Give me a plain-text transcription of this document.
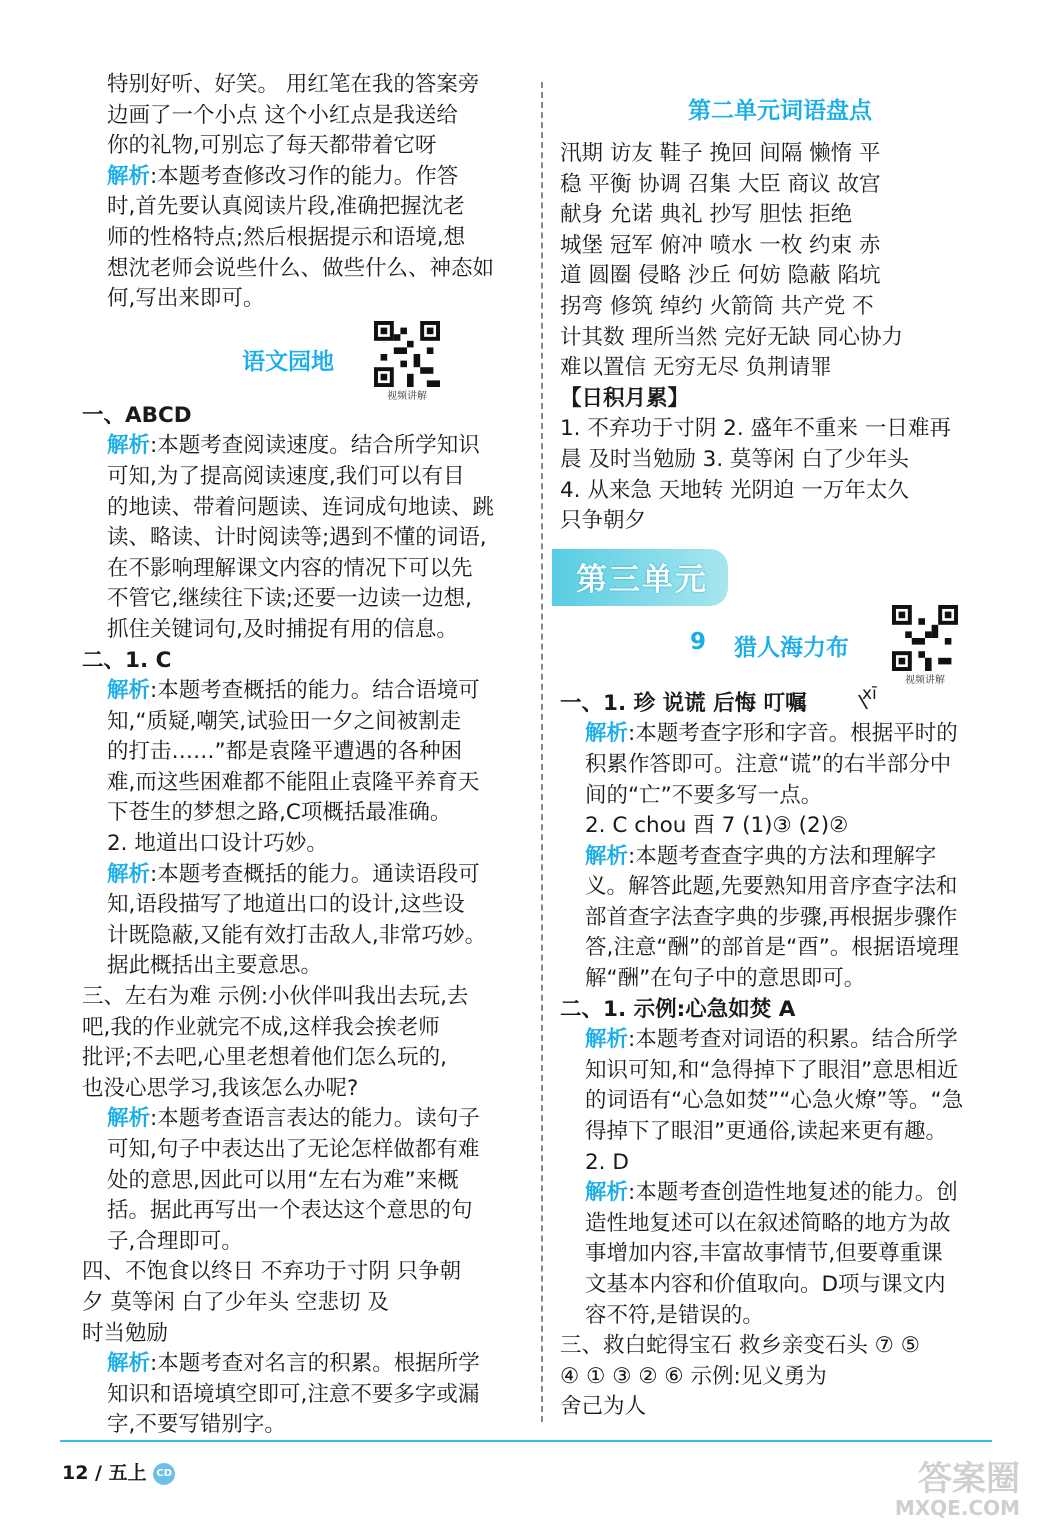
特别好听、好笑。 用红笔在我的答案旁
边画了一个小点 这个小红点是我送给
你的礼物,可别忘了每天都带着它呀
解析:本题考查修改习作的能力。作答
时,首先要认真阅读片段,准确把握沈老
师的性格特点;然后根据提示和语境,想
想沈老师会说些什么、做些什么、神态如
何,写出来即可。
语文园地
视频讲解
一、ABCD
解析:本题考查阅读速度。结合所学知识
可知,为了提高阅读速度,我们可以有目
的地读、带着问题读、连词成句地读、跳
读、略读、计时阅读等;遇到不懂的词语,
在不影响理解课文内容的情况下可以先
不管它,继续往下读;还要一边读一边想,
抓住关键词句,及时捕捉有用的信息。
二、1. C
解析:本题考查概括的能力。结合语境可
知,“质疑,嘲笑,试验田一夕之间被割走
的打击……”都是袁隆平遭遇的各种困
难,而这些困难都不能阻止袁隆平养育天
下苍生的梦想之路,C项概括最准确。
2. 地道出口设计巧妙。
解析:本题考查概括的能力。通读语段可
知,语段描写了地道出口的设计,这些设
计既隐蔽,又能有效打击敌人,非常巧妙。
据此概括出主要意思。
三、左右为难 示例:小伙伴叫我出去玩,去
吧,我的作业就完不成,这样我会挨老师
批评;不去吧,心里老想着他们怎么玩的,
也没心思学习,我该怎么办呢?
解析:本题考查语言表达的能力。读句子
可知,句子中表达出了无论怎样做都有难
处的意思,因此可以用“左右为难”来概
括。据此再写出一个表达这个意思的句
子,合理即可。
四、不饱食以终日 不弃功于寸阴 只争朝
夕 莫等闲 白了少年头 空悲切 及
时当勉励
解析:本题考查对名言的积累。根据所学
知识和语境填空即可,注意不要多字或漏
字,不要写错别字。
第二单元词语盘点
汛期 访友 鞋子 挽回 间隔 懒惰 平
稳 平衡 协调 召集 大臣 商议 故宫
献身 允诺 典礼 抄写 胆怯 拒绝
城堡 冠军 俯冲 喷水 一枚 约束 赤
道 圆圈 侵略 沙丘 何妨 隐蔽 陷坑
拐弯 修筑 绰约 火箭筒 共产党 不
计其数 理所当然 完好无缺 同心协力
难以置信 无穷无尽 负荆请罪
【日积月累】
1. 不弃功于寸阴 2. 盛年不重来 一日难再
晨 及时当勉励 3. 莫等闲 白了少年头
4. 从来急 天地转 光阴迫 一万年太久
只争朝夕
第三单元
9 猎人海力布
视频讲解
一、1. 珍 说谎 后悔 叮嘱	xī
解析:本题考查字形和字音。根据平时的
积累作答即可。注意“谎”的右半部分中
间的“亡”不要多写一点。
2. C chou 酉 7 (1)③ (2)②
解析:本题考查查字典的方法和理解字
义。解答此题,先要熟知用音序查字法和
部首查字法查字典的步骤,再根据步骤作
答,注意“酬”的部首是“酉”。根据语境理
解“酬”在句子中的意思即可。
二、1. 示例:心急如焚 A
解析:本题考查对词语的积累。结合所学
知识可知,和“急得掉下了眼泪”意思相近
的词语有“心急如焚”“心急火燎”等。“急
得掉下了眼泪”更通俗,读起来更有趣。
2. D
解析:本题考查创造性地复述的能力。创
造性地复述可以在叙述简略的地方为故
事增加内容,丰富故事情节,但要尊重课
文基本内容和价值取向。D项与课文内
容不符,是错误的。
三、救白蛇得宝石 救乡亲变石头 ⑦ ⑤
④ ① ③ ② ⑥ 示例:见义勇为
舍己为人
12 / 五上 CD	答案圈
MXQE.COM
